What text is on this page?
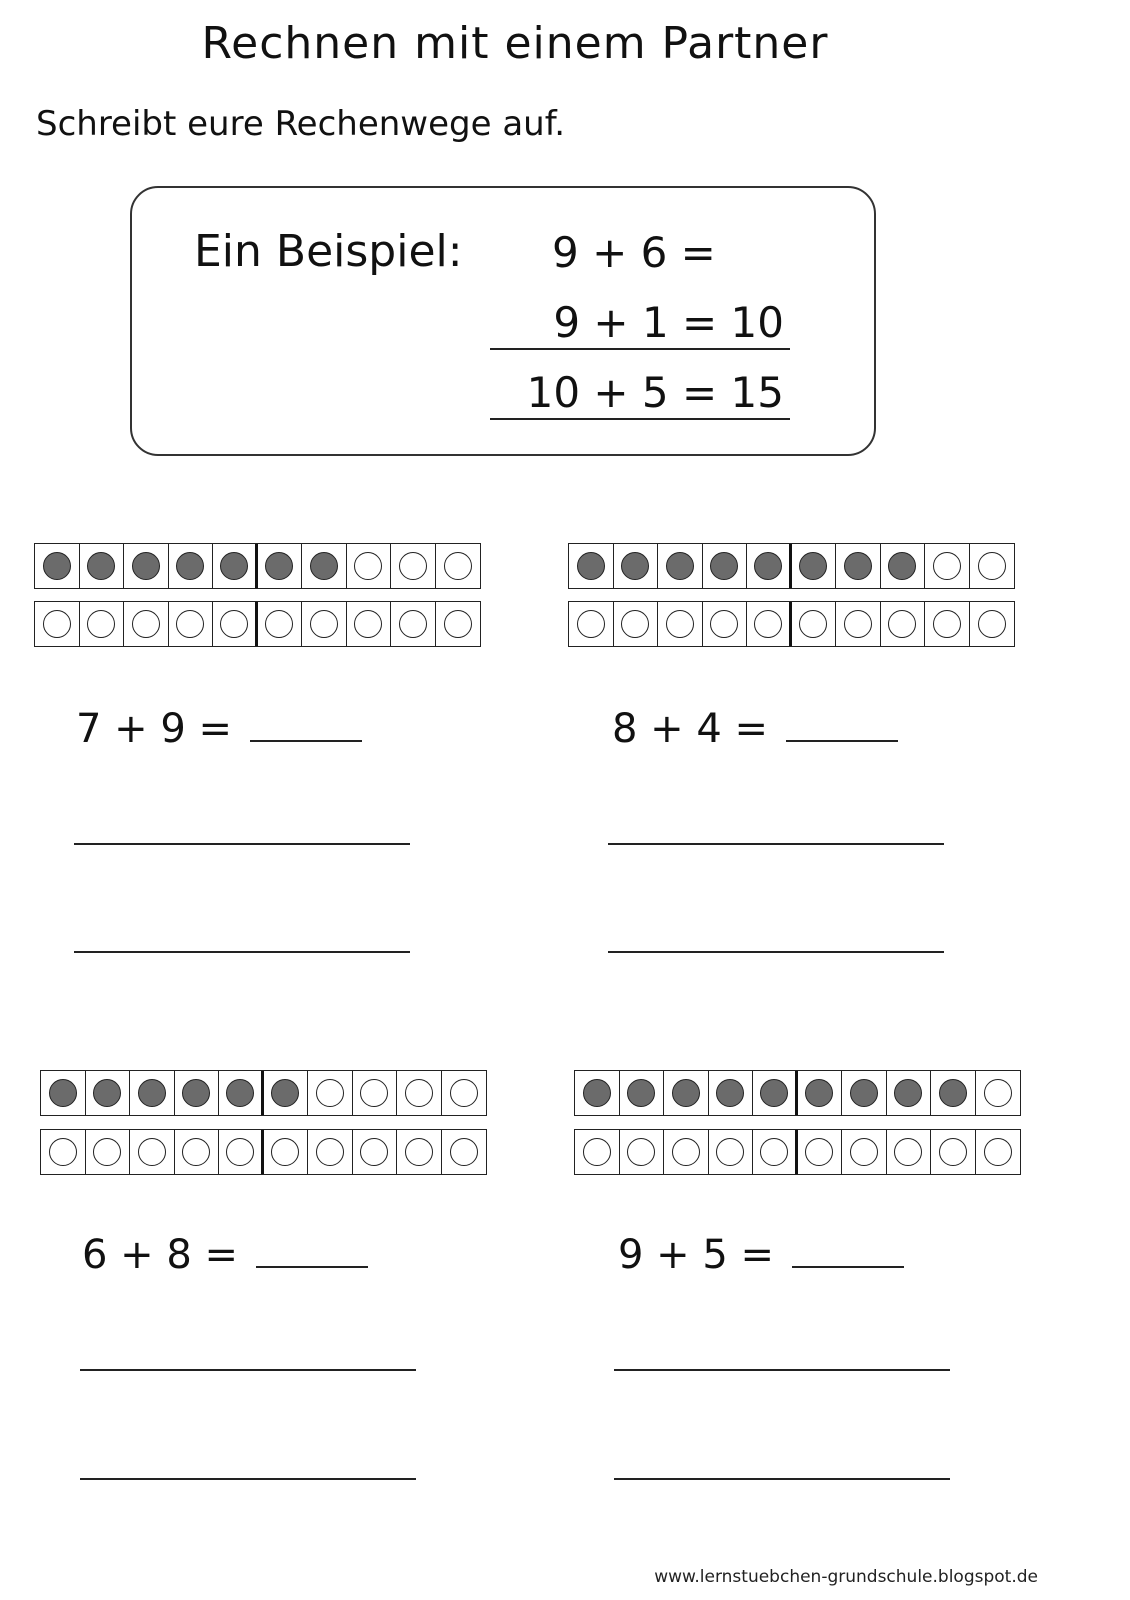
Rechnen mit einem Partner
Schreibt eure Rechenwege auf.
Ein Beispiel:	9 + 6 =
9 + 1 = 10
10 + 5 = 15
7 + 9 =	8 + 4 =
6 + 8 =	9 + 5 =
www.lernstuebchen-grundschule.blogspot.de
